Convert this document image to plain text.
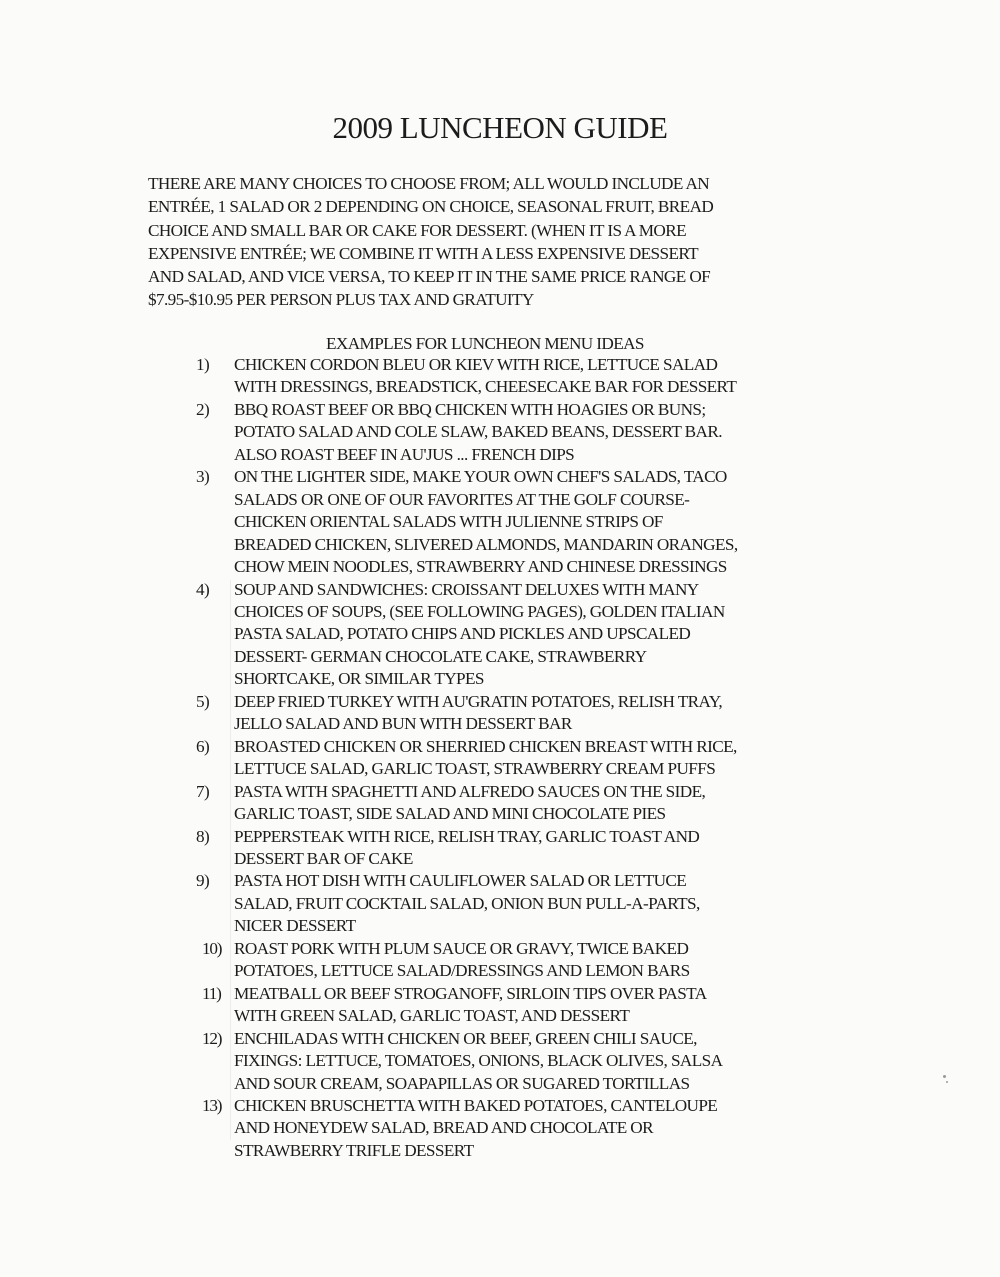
2009 LUNCHEON GUIDE

THERE ARE MANY CHOICES TO CHOOSE FROM; ALL WOULD INCLUDE AN
ENTRÉE, 1 SALAD OR 2 DEPENDING ON CHOICE, SEASONAL FRUIT, BREAD
CHOICE AND SMALL BAR OR CAKE FOR DESSERT. (WHEN IT IS A MORE
EXPENSIVE ENTRÉE; WE COMBINE IT WITH A LESS EXPENSIVE DESSERT
AND SALAD, AND VICE VERSA, TO KEEP IT IN THE SAME PRICE RANGE OF
$7.95-$10.95 PER PERSON PLUS TAX AND GRATUITY

EXAMPLES FOR LUNCHEON MENU IDEAS
1)	CHICKEN CORDON BLEU OR KIEV WITH RICE, LETTUCE SALAD
WITH DRESSINGS, BREADSTICK, CHEESECAKE BAR FOR DESSERT
2)	BBQ ROAST BEEF OR BBQ CHICKEN WITH HOAGIES OR BUNS;
POTATO SALAD AND COLE SLAW, BAKED BEANS, DESSERT BAR.
ALSO ROAST BEEF IN AU'JUS ... FRENCH DIPS
3)	ON THE LIGHTER SIDE, MAKE YOUR OWN CHEF'S SALADS, TACO
SALADS OR ONE OF OUR FAVORITES AT THE GOLF COURSE-
CHICKEN ORIENTAL SALADS WITH JULIENNE STRIPS OF
BREADED CHICKEN, SLIVERED ALMONDS, MANDARIN ORANGES,
CHOW MEIN NOODLES, STRAWBERRY AND CHINESE DRESSINGS
4)	SOUP AND SANDWICHES: CROISSANT DELUXES WITH MANY
CHOICES OF SOUPS, (SEE FOLLOWING PAGES), GOLDEN ITALIAN
PASTA SALAD, POTATO CHIPS AND PICKLES AND UPSCALED
DESSERT- GERMAN CHOCOLATE CAKE, STRAWBERRY
SHORTCAKE, OR SIMILAR TYPES
5)	DEEP FRIED TURKEY WITH AU'GRATIN POTATOES, RELISH TRAY,
JELLO SALAD AND BUN WITH DESSERT BAR
6)	BROASTED CHICKEN OR SHERRIED CHICKEN BREAST WITH RICE,
LETTUCE SALAD, GARLIC TOAST, STRAWBERRY CREAM PUFFS
7)	PASTA WITH SPAGHETTI AND ALFREDO SAUCES ON THE SIDE,
GARLIC TOAST, SIDE SALAD AND MINI CHOCOLATE PIES
8)	PEPPERSTEAK WITH RICE, RELISH TRAY, GARLIC TOAST AND
DESSERT BAR OF CAKE
9)	PASTA HOT DISH WITH CAULIFLOWER SALAD OR LETTUCE
SALAD, FRUIT COCKTAIL SALAD, ONION BUN PULL-A-PARTS,
NICER DESSERT
10) ROAST PORK WITH PLUM SAUCE OR GRAVY, TWICE BAKED
POTATOES, LETTUCE SALAD/DRESSINGS AND LEMON BARS
11) MEATBALL OR BEEF STROGANOFF, SIRLOIN TIPS OVER PASTA
WITH GREEN SALAD, GARLIC TOAST, AND DESSERT
12) ENCHILADAS WITH CHICKEN OR BEEF, GREEN CHILI SAUCE,
FIXINGS: LETTUCE, TOMATOES, ONIONS, BLACK OLIVES, SALSA
AND SOUR CREAM, SOAPAPILLAS OR SUGARED TORTILLAS
13) CHICKEN BRUSCHETTA WITH BAKED POTATOES, CANTELOUPE
AND HONEYDEW SALAD, BREAD AND CHOCOLATE OR
STRAWBERRY TRIFLE DESSERT
